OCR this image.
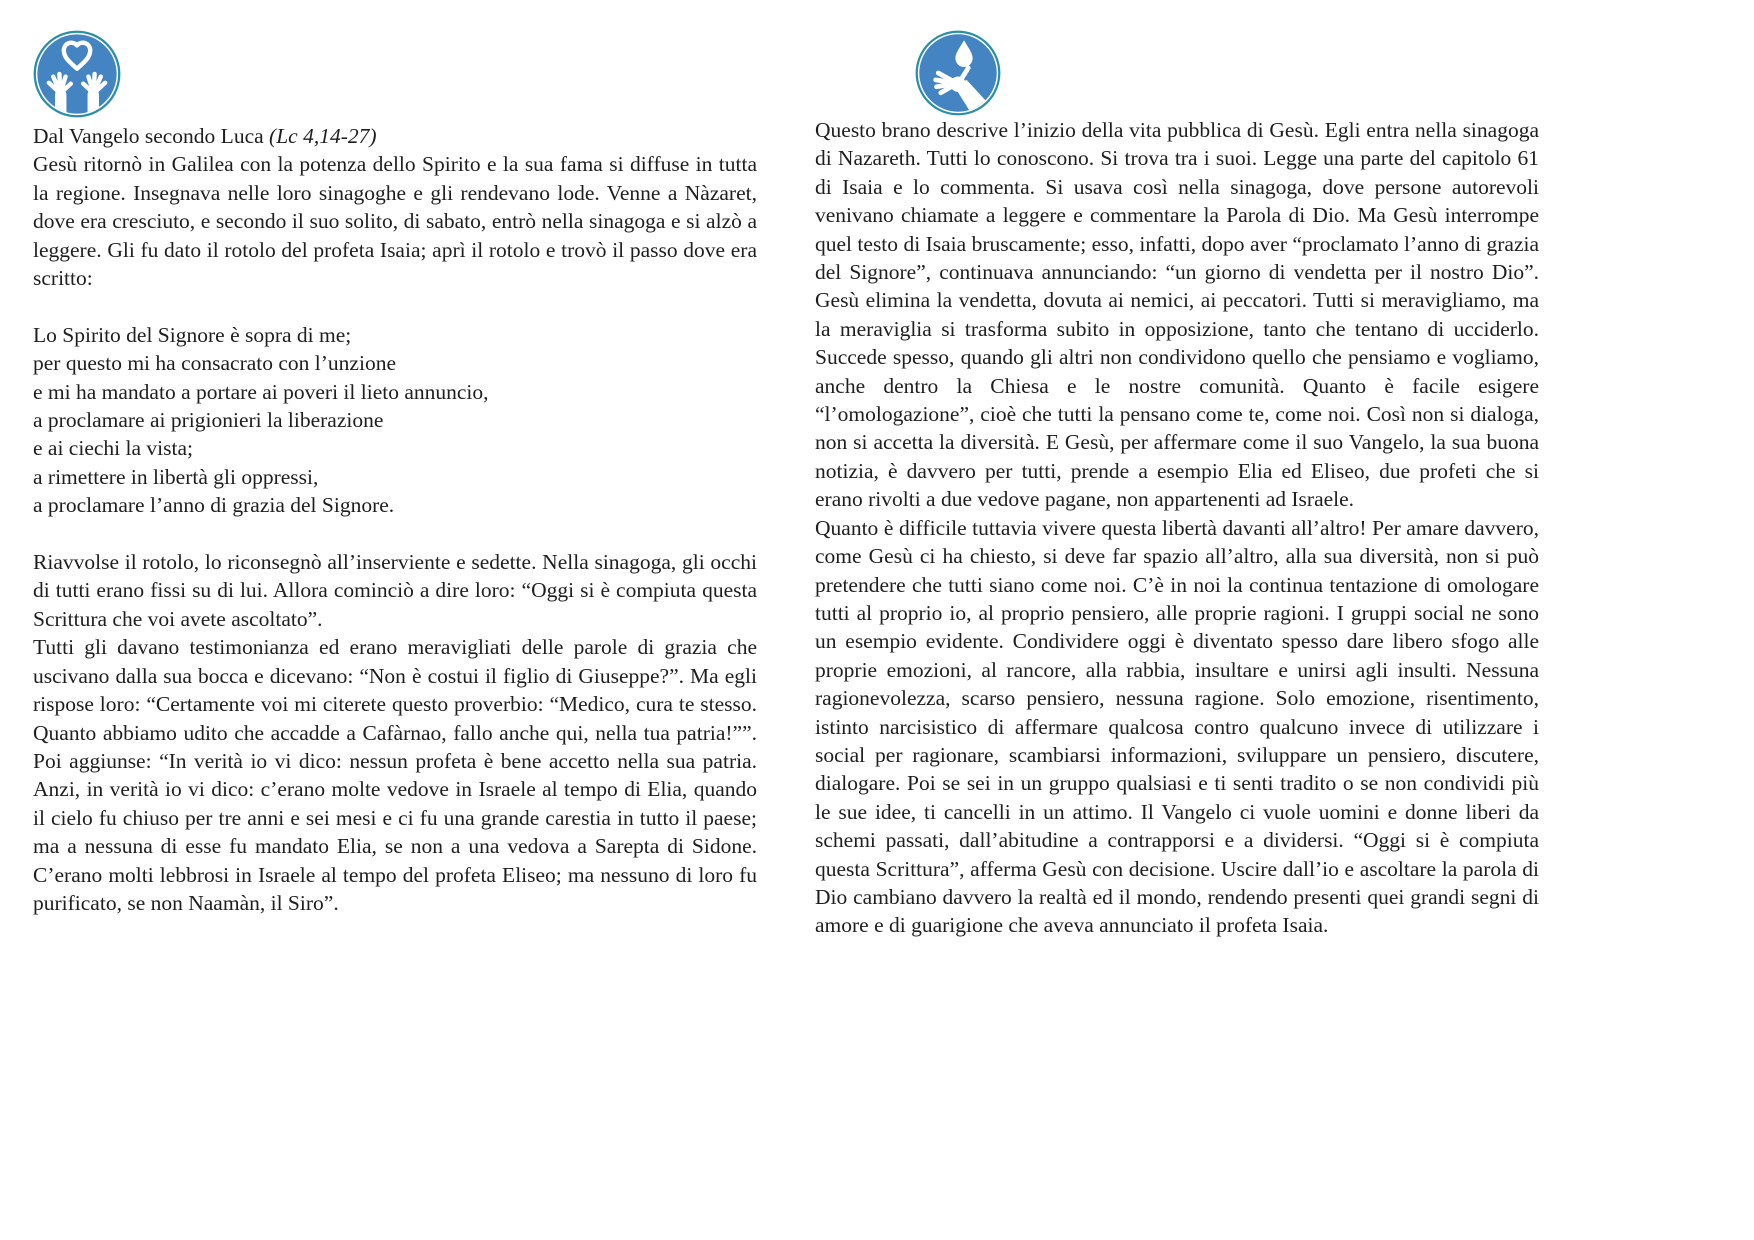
Dal Vangelo secondo Luca (Lc 4,14-27)

Gesù ritornò in Galilea con la potenza dello Spirito e la sua fama si diffuse in tutta la regione. Insegnava nelle loro sinagoghe e gli rendevano lode. Venne a Nàzaret, dove era cresciuto, e secondo il suo solito, di sabato, entrò nella sinagoga e si alzò a leggere. Gli fu dato il rotolo del profeta Isaia; aprì il rotolo e trovò il passo dove era scritto:

Lo Spirito del Signore è sopra di me;
per questo mi ha consacrato con l’unzione
e mi ha mandato a portare ai poveri il lieto annuncio,
a proclamare ai prigionieri la liberazione
e ai ciechi la vista;
a rimettere in libertà gli oppressi,
a proclamare l’anno di grazia del Signore.

Riavvolse il rotolo, lo riconsegnò all’inserviente e sedette. Nella sinagoga, gli occhi di tutti erano fissi su di lui. Allora cominciò a dire loro: “Oggi si è compiuta questa Scrittura che voi avete ascoltato”.

Tutti gli davano testimonianza ed erano meravigliati delle parole di grazia che uscivano dalla sua bocca e dicevano: “Non è costui il figlio di Giuseppe?”. Ma egli rispose loro: “Certamente voi mi citerete questo proverbio: “Medico, cura te stesso. Quanto abbiamo udito che accadde a Cafàrnao, fallo anche qui, nella tua patria!””. Poi aggiunse: “In verità io vi dico: nessun profeta è bene accetto nella sua patria. Anzi, in verità io vi dico: c’erano molte vedove in Israele al tempo di Elia, quando il cielo fu chiuso per tre anni e sei mesi e ci fu una grande carestia in tutto il paese; ma a nessuna di esse fu mandato Elia, se non a una vedova a Sarepta di Sidone. C’erano molti lebbrosi in Israele al tempo del profeta Eliseo; ma nessuno di loro fu purificato, se non Naamàn, il Siro”.

Questo brano descrive l’inizio della vita pubblica di Gesù. Egli entra nella sinagoga di Nazareth. Tutti lo conoscono. Si trova tra i suoi. Legge una parte del capitolo 61 di Isaia e lo commenta. Si usava così nella sinagoga, dove persone autorevoli venivano chiamate a leggere e commentare la Parola di Dio. Ma Gesù interrompe quel testo di Isaia bruscamente; esso, infatti, dopo aver “proclamato l’anno di grazia del Signore”, continuava annunciando: “un giorno di vendetta per il nostro Dio”. Gesù elimina la vendetta, dovuta ai nemici, ai peccatori. Tutti si meravigliamo, ma la meraviglia si trasforma subito in opposizione, tanto che tentano di ucciderlo. Succede spesso, quando gli altri non condividono quello che pensiamo e vogliamo, anche dentro la Chiesa e le nostre comunità. Quanto è facile esigere “l’omologazione”, cioè che tutti la pensano come te, come noi. Così non si dialoga, non si accetta la diversità. E Gesù, per affermare come il suo Vangelo, la sua buona notizia, è davvero per tutti, prende a esempio Elia ed Eliseo, due profeti che si erano rivolti a due vedove pagane, non appartenenti ad Israele.

Quanto è difficile tuttavia vivere questa libertà davanti all’altro! Per amare davvero, come Gesù ci ha chiesto, si deve far spazio all’altro, alla sua diversità, non si può pretendere che tutti siano come noi. C’è in noi la continua tentazione di omologare tutti al proprio io, al proprio pensiero, alle proprie ragioni. I gruppi social ne sono un esempio evidente. Condividere oggi è diventato spesso dare libero sfogo alle proprie emozioni, al rancore, alla rabbia, insultare e unirsi agli insulti. Nessuna ragionevolezza, scarso pensiero, nessuna ragione. Solo emozione, risentimento, istinto narcisistico di affermare qualcosa contro qualcuno invece di utilizzare i social per ragionare, scambiarsi informazioni, sviluppare un pensiero, discutere, dialogare. Poi se sei in un gruppo qualsiasi e ti senti tradito o se non condividi più le sue idee, ti cancelli in un attimo. Il Vangelo ci vuole uomini e donne liberi da schemi passati, dall’abitudine a contrapporsi e a dividersi. “Oggi si è compiuta questa Scrittura”, afferma Gesù con decisione. Uscire dall’io e ascoltare la parola di Dio cambiano davvero la realtà ed il mondo, rendendo presenti quei grandi segni di amore e di guarigione che aveva annunciato il profeta Isaia.
